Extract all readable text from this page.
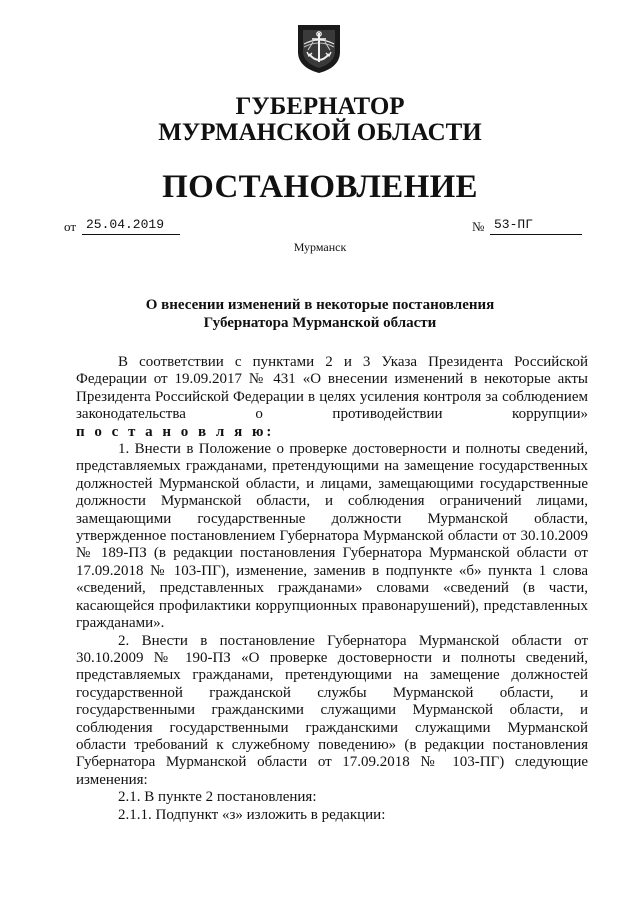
ГУБЕРНАТОР
МУРМАНСКОЙ ОБЛАСТИ
ПОСТАНОВЛЕНИЕ
от 25.04.2019	№ 53-ПГ
Мурманск
О внесении изменений в некоторые постановления
Губернатора Мурманской области

В соответствии с пунктами 2 и 3 Указа Президента Российской Федерации от 19.09.2017 № 431 «О внесении изменений в некоторые акты Президента Российской Федерации в целях усиления контроля за соблюдением законодательства о противодействии коррупции»

п о с т а н о в л я ю:

1. Внести в Положение о проверке достоверности и полноты сведений, представляемых гражданами, претендующими на замещение государственных должностей Мурманской области, и лицами, замещающими государственные должности Мурманской области, и соблюдения ограничений лицами, замещающими государственные должности Мурманской области, утвержденное постановлением Губернатора Мурманской области от 30.10.2009 № 189-ПЗ (в редакции постановления Губернатора Мурманской области от 17.09.2018 № 103-ПГ), изменение, заменив в подпункте «б» пункта 1 слова «сведений, представленных гражданами» словами «сведений (в части, касающейся профилактики коррупционных правонарушений), представленных гражданами».

2. Внести в постановление Губернатора Мурманской области от 30.10.2009 № 190-ПЗ «О проверке достоверности и полноты сведений, представляемых гражданами, претендующими на замещение должностей государственной гражданской службы Мурманской области, и государственными гражданскими служащими Мурманской области, и соблюдения государственными гражданскими служащими Мурманской области требований к служебному поведению» (в редакции постановления Губернатора Мурманской области от 17.09.2018 № 103-ПГ) следующие изменения:

2.1. В пункте 2 постановления:

2.1.1. Подпункт «з» изложить в редакции:
